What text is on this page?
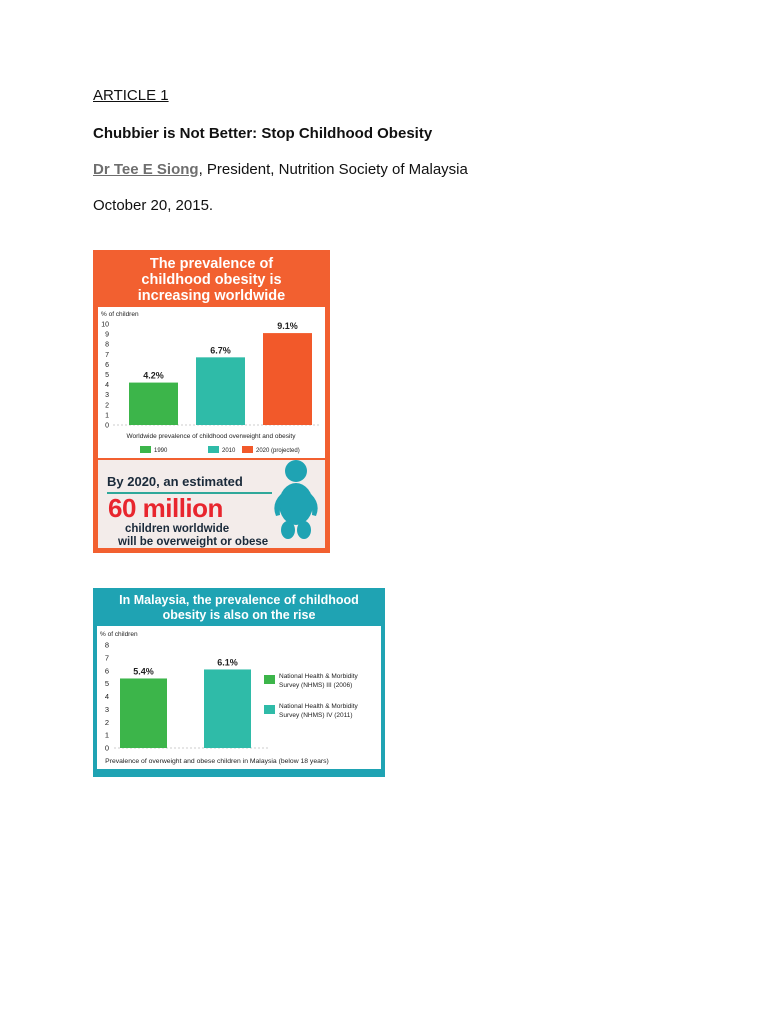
ARTICLE 1

Chubbier is Not Better: Stop Childhood Obesity

Dr Tee E Siong, President, Nutrition Society of Malaysia

October 20, 2015.

The prevalence of
childhood obesity is
increasing worldwide
% of children
0
1
2
3
4
5
6
7
8
9
10
4.2%
6.7%
9.1%
Worldwide prevalence of childhood overweight and obesity
1990	2010	2020 (projected)
By 2020, an estimated
60 million
children worldwide
will be overweight or obese
In Malaysia, the prevalence of childhood
obesity is also on the rise
% of children
0
1
2
3
4
5
6
7
8
5.4%
6.1%
National Health & Morbidity Survey (NHMS) III (2006)
National Health & Morbidity Survey (NHMS) IV (2011)
Prevalence of overweight and obese children in Malaysia (below 18 years)
